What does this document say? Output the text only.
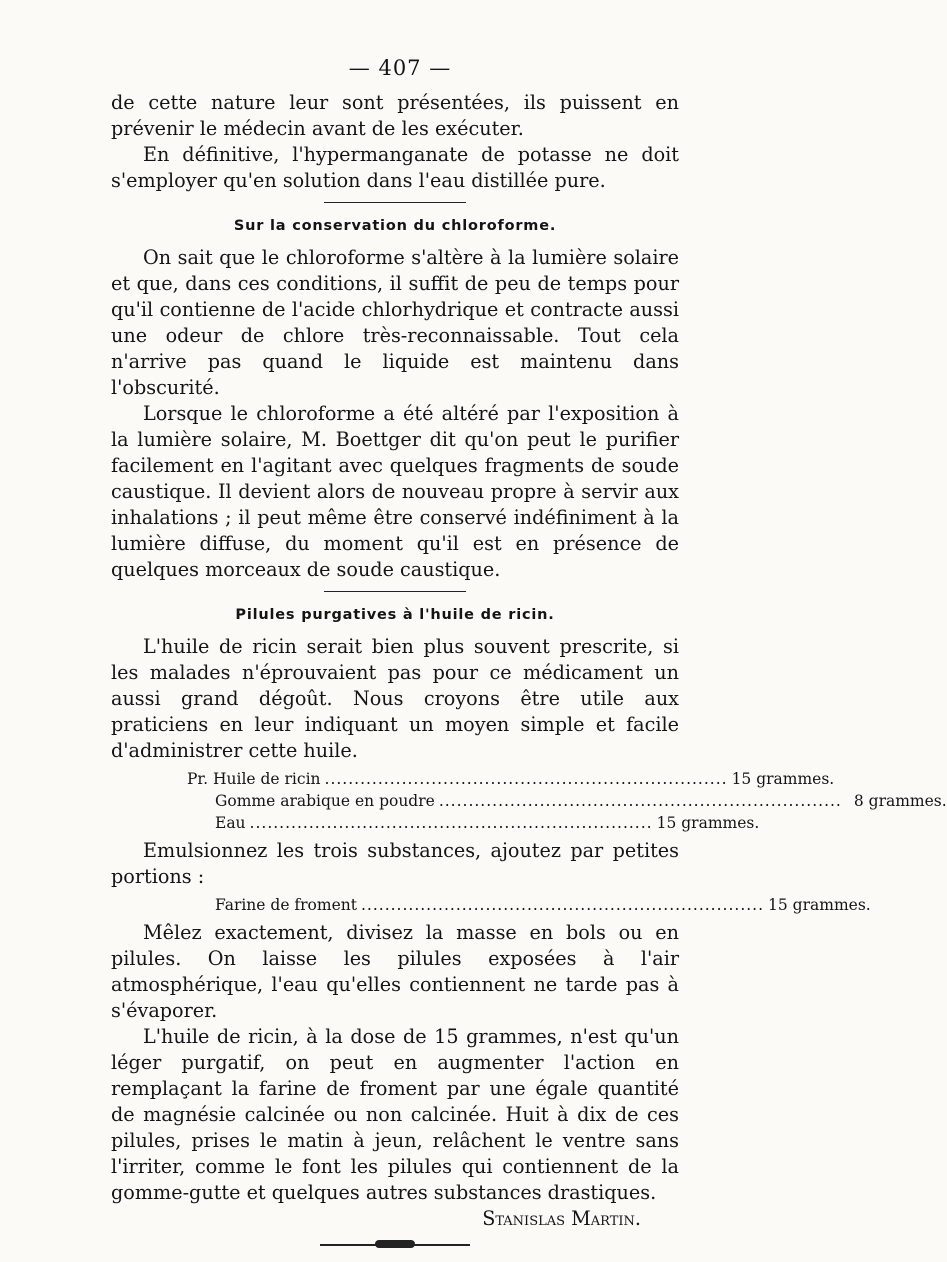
— 407 —

de cette nature leur sont présentées, ils puissent en prévenir le médecin avant de les exécuter.

En définitive, l'hypermanganate de potasse ne doit s'employer qu'en solution dans l'eau distillée pure.

Sur la conservation du chloroforme.

On sait que le chloroforme s'altère à la lumière solaire et que, dans ces conditions, il suffit de peu de temps pour qu'il contienne de l'acide chlorhydrique et contracte aussi une odeur de chlore très-reconnaissable. Tout cela n'arrive pas quand le liquide est maintenu dans l'obscurité.

Lorsque le chloroforme a été altéré par l'exposition à la lumière solaire, M. Boettger dit qu'on peut le purifier facilement en l'agitant avec quelques fragments de soude caustique. Il devient alors de nouveau propre à servir aux inhalations ; il peut même être conservé indéfiniment à la lumière diffuse, du moment qu'il est en présence de quelques morceaux de soude caustique.

Pilules purgatives à l'huile de ricin.

L'huile de ricin serait bien plus souvent prescrite, si les malades n'éprouvaient pas pour ce médicament un aussi grand dégoût. Nous croyons être utile aux praticiens en leur indiquant un moyen simple et facile d'administrer cette huile.

Pr. Huile de ricin .................................................................... 15 grammes.
Gomme arabique en poudre .................................................................... 8 grammes.
Eau .................................................................... 15 grammes.

Emulsionnez les trois substances, ajoutez par petites portions :

Farine de froment .................................................................... 15 grammes.

Mêlez exactement, divisez la masse en bols ou en pilules. On laisse les pilules exposées à l'air atmosphérique, l'eau qu'elles contiennent ne tarde pas à s'évaporer.

L'huile de ricin, à la dose de 15 grammes, n'est qu'un léger purgatif, on peut en augmenter l'action en remplaçant la farine de froment par une égale quantité de magnésie calcinée ou non calcinée. Huit à dix de ces pilules, prises le matin à jeun, relâchent le ventre sans l'irriter, comme le font les pilules qui contiennent de la gomme-gutte et quelques autres substances drastiques.

Stanislas Martin.
